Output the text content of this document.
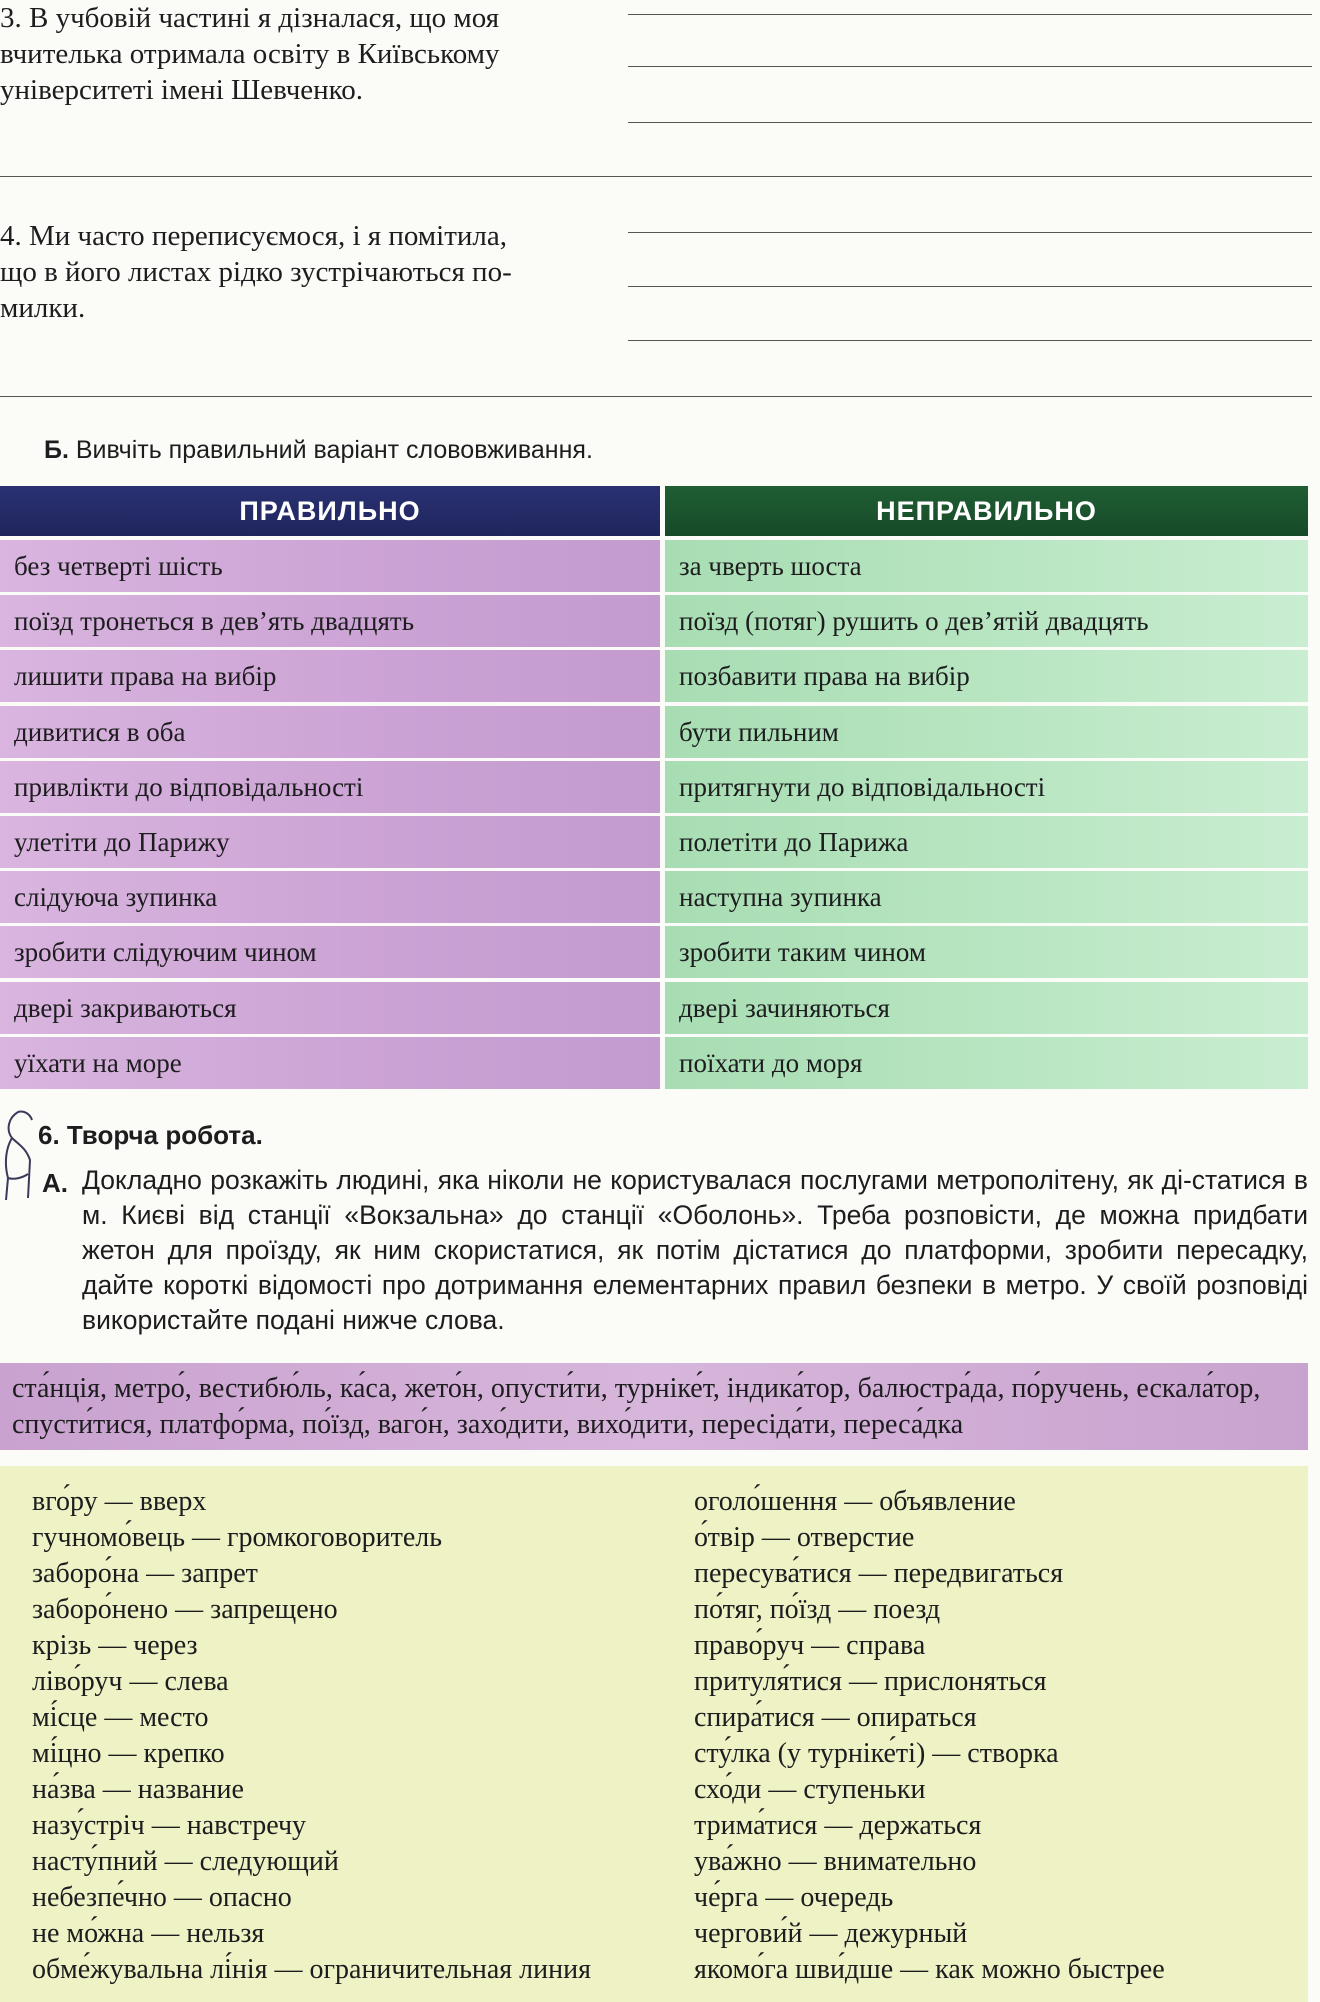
3. В учбовій частині я дізналася, що моя
вчителька отримала освіту в Київському
університеті імені Шевченко.
4. Ми часто переписуємося, і я помітила,
що в його листах рідко зустрічаються по-
милки.
Б. Вивчіть правильний варіант слововживання.
ПРАВИЛЬНО	НЕПРАВИЛЬНО
без четверті шість	за чверть шоста
поїзд тронеться в дев’ять двадцять	поїзд (потяг) рушить о дев’ятій двадцять
лишити права на вибір	позбавити права на вибір
дивитися в оба	бути пильним
привлікти до відповідальності	притягнути до відповідальності
улетіти до Парижу	полетіти до Парижа
слідуюча зупинка	наступна зупинка
зробити слідуючим чином	зробити таким чином
двері закриваються	двері зачиняються
уїхати на море	поїхати до моря
6. Творча робота.
А. Докладно розкажіть людині, яка ніколи не користувалася послугами метрополітену, як ді-статися в м. Києві від станції «Вокзальна» до станції «Оболонь». Треба розповісти, де можна придбати жетон для проїзду, як ним скористатися, як потім дістатися до платформи, зробити пересадку, дайте короткі відомості про дотримання елементарних правил безпеки в метро. У своїй розповіді використайте подані нижче слова.
ста́нція, метро́, вестибю́ль, ка́са, жето́н, опусти́ти, турніке́т, індика́тор, балюстра́да, по́ручень, ескала́тор, спусти́тися, платфо́рма, по́їзд, ваго́н, захо́дити, вихо́дити, пересіда́ти, переса́дка
вго́ру — вверх
гучномо́вець — громкоговоритель
заборо́на — запрет
заборо́нено — запрещено
крізь — через
ліво́руч — слева
мі́сце — место
мі́цно — крепко
на́зва — название
назу́стріч — навстречу
насту́пний — следующий
небезпе́чно — опасно
не мо́жна — нельзя
обме́жувальна лі́нія — ограничительная линия
оголо́шення — объявление
о́твір — отверстие
пересува́тися — передвигаться
по́тяг, по́їзд — поезд
право́руч — справа
притуля́тися — прислоняться
спира́тися — опираться
сту́лка (у турніке́ті) — створка
схо́ди — ступеньки
трима́тися — держаться
ува́жно — внимательно
че́рга — очередь
чергови́й — дежурный
якомо́га шви́дше — как можно быстрее
